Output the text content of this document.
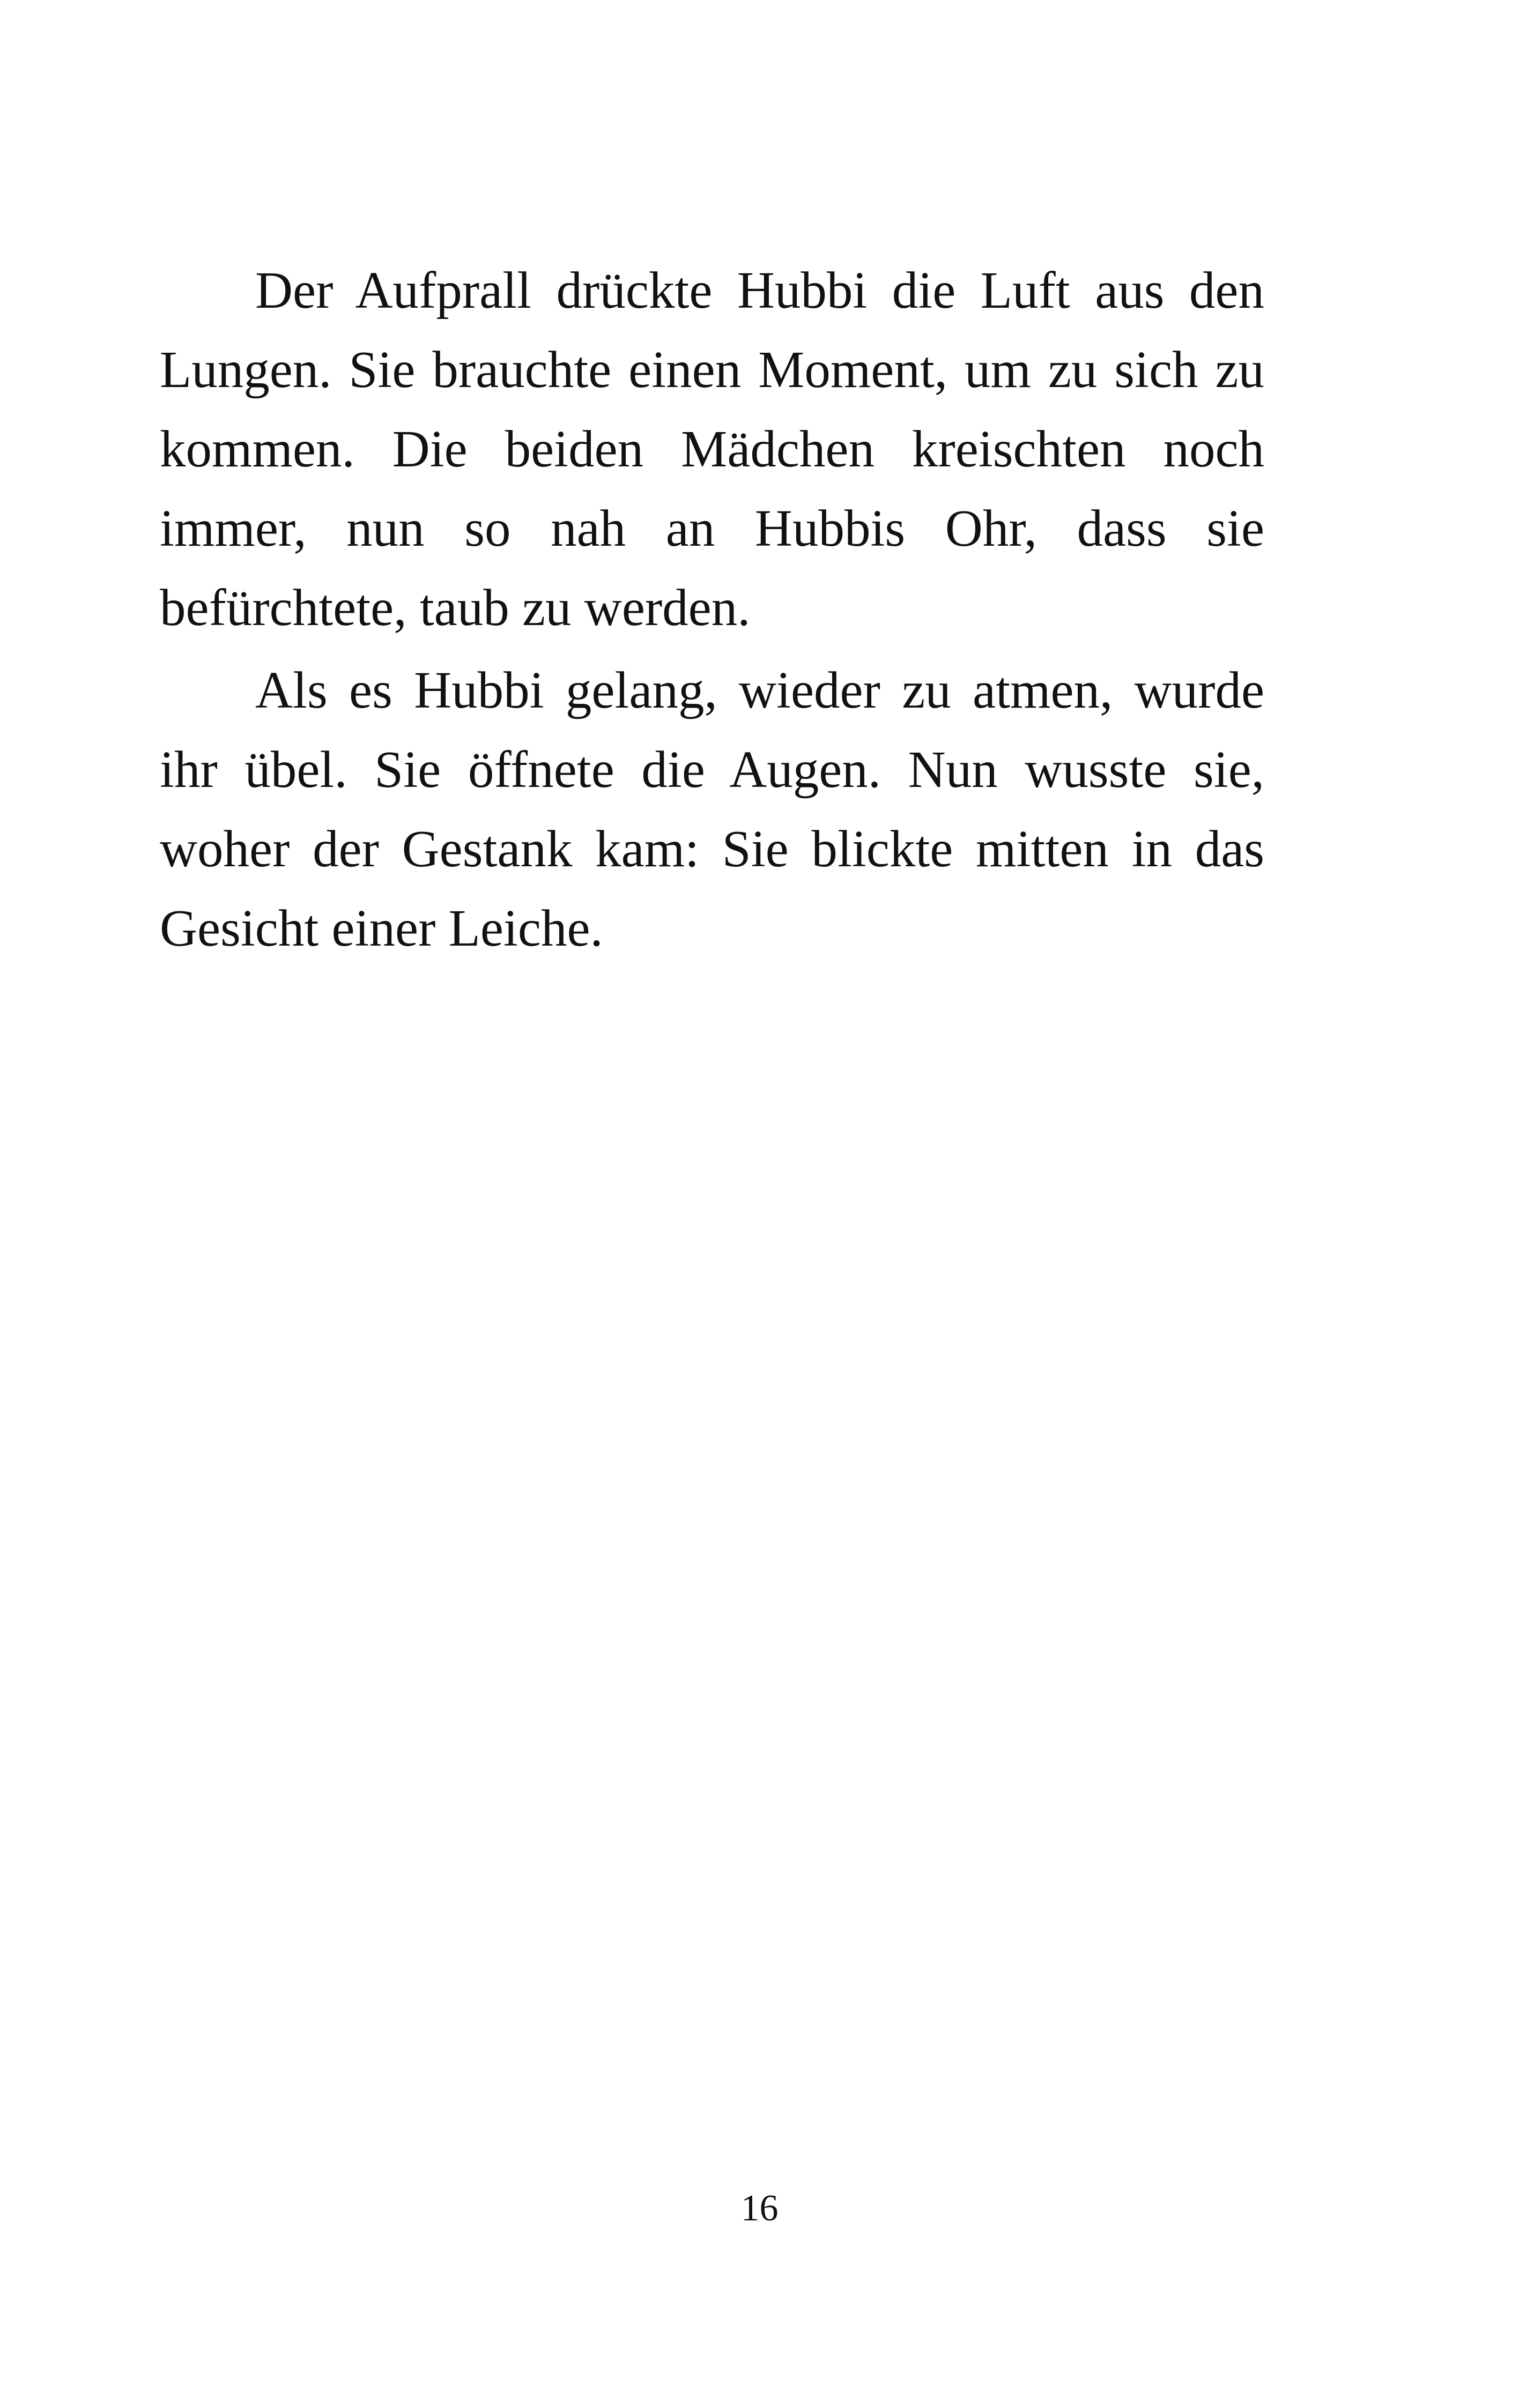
Der Aufprall drückte Hubbi die Luft aus den Lungen. Sie brauchte einen Moment, um zu sich zu kommen. Die beiden Mädchen kreischten noch immer, nun so nah an Hubbis Ohr, dass sie befürchtete, taub zu werden.

Als es Hubbi gelang, wieder zu atmen, wurde ihr übel. Sie öffnete die Augen. Nun wusste sie, woher der Gestank kam: Sie blickte mitten in das Gesicht einer Leiche.

16
